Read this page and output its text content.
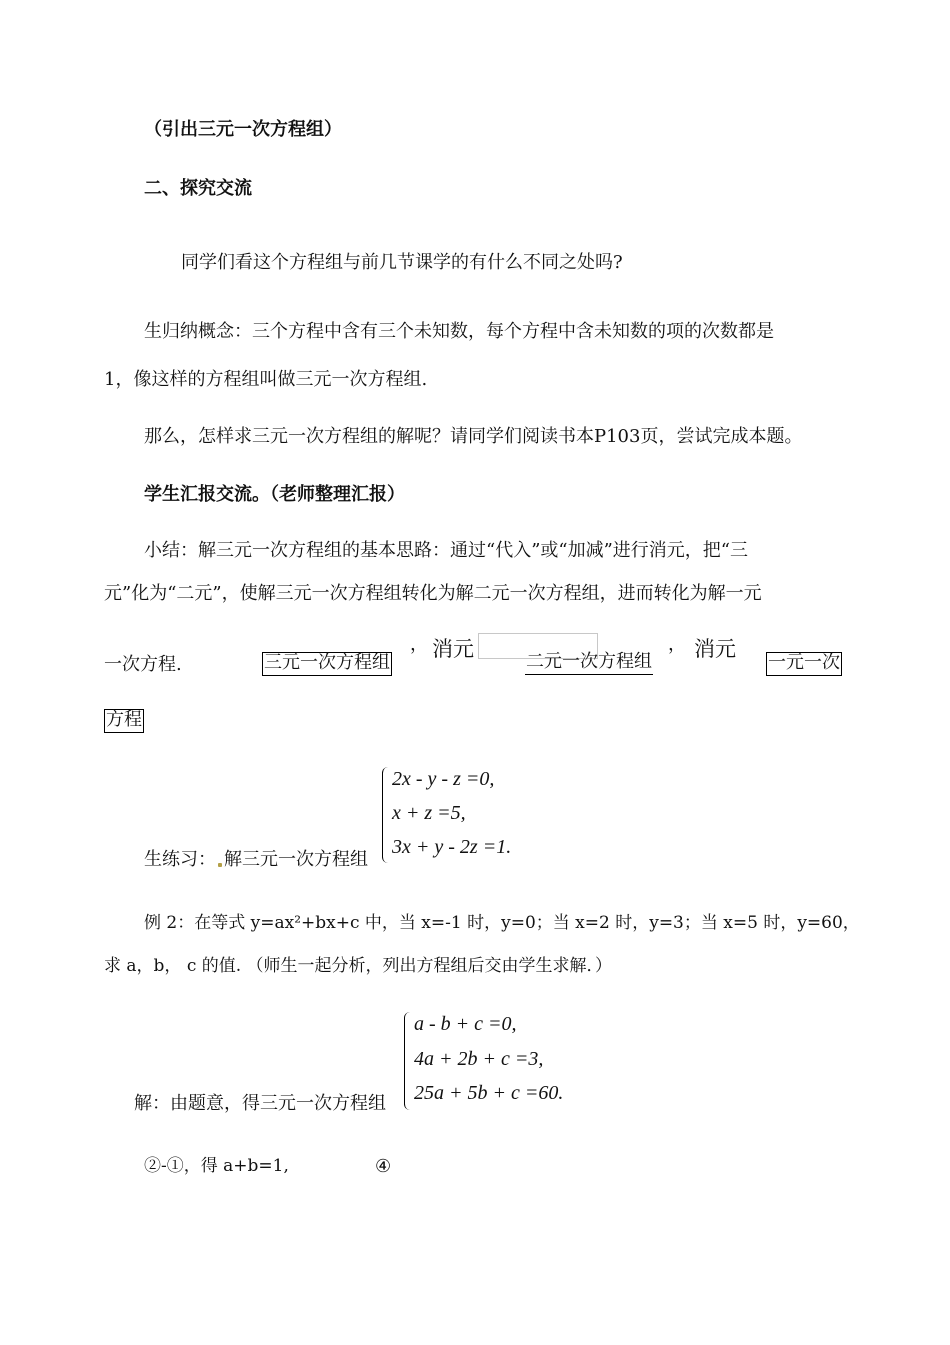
（引出三元一次方程组）
二、探究交流
同学们看这个方程组与前几节课学的有什么不同之处吗?
生归纳概念：三个方程中含有三个未知数，每个方程中含未知数的项的次数都是
1，像这样的方程组叫做三元一次方程组.
那么，怎样求三元一次方程组的解呢？请同学们阅读书本P103页，尝试完成本题。
学生汇报交流。（老师整理汇报）
小结：解三元一次方程组的基本思路：通过“代入”或“加减”进行消元，把“三
元”化为“二元”，使解三元一次方程组转化为解二元一次方程组，进而转化为解一元
一次方程.	三元一次方程组
， 消元
二元一次方程组
， 消元
一元一次
方程
生练习： 解三元一次方程组
2x - y - z =0,
x + z =5,
3x + y - 2z =1.
例 2：在等式 y=ax²+bx+c 中，当 x=-1 时，y=0；当 x=2 时，y=3；当 x=5 时，y=60，
求 a，b， c 的值. （师生一起分析，列出方程组后交由学生求解．）
解：由题意，得三元一次方程组
a - b + c =0,
4a + 2b + c =3,
25a + 5b + c =60.
②-①，得 a+b=1,	④
